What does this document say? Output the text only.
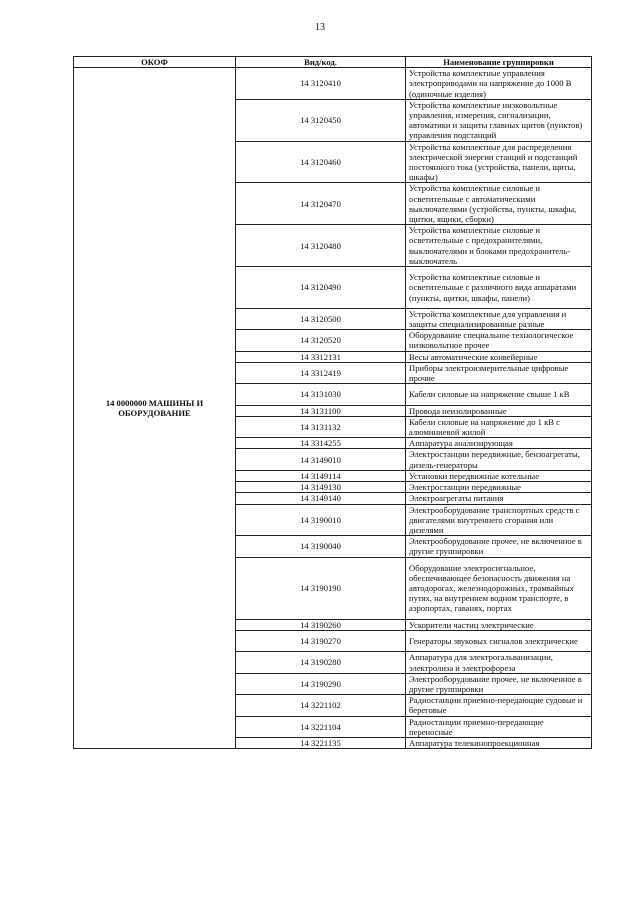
13
ОКОФ	Вид/код.	Наименование группировки
14 0000000 МАШИНЫ И ОБОРУДОВАНИЕ	14 3120410	Устройства комплектные управления электроприводами на напряжение до 1000 В (одиночные изделия)
	14 3120450	Устройства комплектные низковольтные управления, измерения, сигнализации, автоматики и защиты главных щитов (пунктов) управления подстанций
	14 3120460	Устройства комплектные для распределения электрической энергии станций и подстанций постоянного тока (устройства, панели, щиты, шкафы)
	14 3120470	Устройства комплектные силовые и осветительные с автоматическими выключателями (устройства, пункты, шкафы, щитки, ящики, сборки)
	14 3120480	Устройства комплектные силовые и осветительные с предохранителями, выключателями и блоками предохранитель-выключатель
	14 3120490	Устройства комплектные силовые и осветительные с различного вида аппаратами (пункты, щитки, шкафы, панели)
	14 3120500	Устройства комплектные для управления и защиты специализированные разные
	14 3120520	Оборудование специальное технологическое низковольтное прочее
	14 3312131	Весы автоматические конвейерные
	14 3312419	Приборы электроизмерительные цифровые прочие
	14 3131030	Кабели силовые на напряжение свыше 1 кВ
	14 3131100	Провода неизолированные
	14 3131132	Кабели силовые на напряжение до 1 кВ с алюминиевой жилой
	14 3314255	Аппаратура анализирующая
	14 3149010	Электростанции передвижные, бензоагрегаты, дизель-генераторы
	14 3149114	Установки передвижные котельные
	14 3149130	Электростанции передвижные
	14 3149140	Электроагрегаты питания
	14 3190010	Электрооборудование транспортных средств с двигателями внутреннего сгорания или дизелями
	14 3190040	Электрооборудование прочее, не включенное в другие группировки
	14 3190190	Оборудование электросигнальное, обеспечивающее безопасность движения на автодорогах, железнодорожных, трамвайных путях, на внутреннем водном транспорте, в аэропортах, гаванях, портах
	14 3190260	Ускорители частиц электрические
	14 3190270	Генераторы звуковых сигналов электрические
	14 3190280	Аппаратура для электрогальванизации, электролиза и электрофореза
	14 3190290	Электрооборудование прочее, не включенное в другие группировки
	14 3221102	Радиостанции приемно-передающие судовые и береговые
	14 3221104	Радиостанции приемно-передающие переносные
	14 3221135	Аппаратура телекинопроекционная
